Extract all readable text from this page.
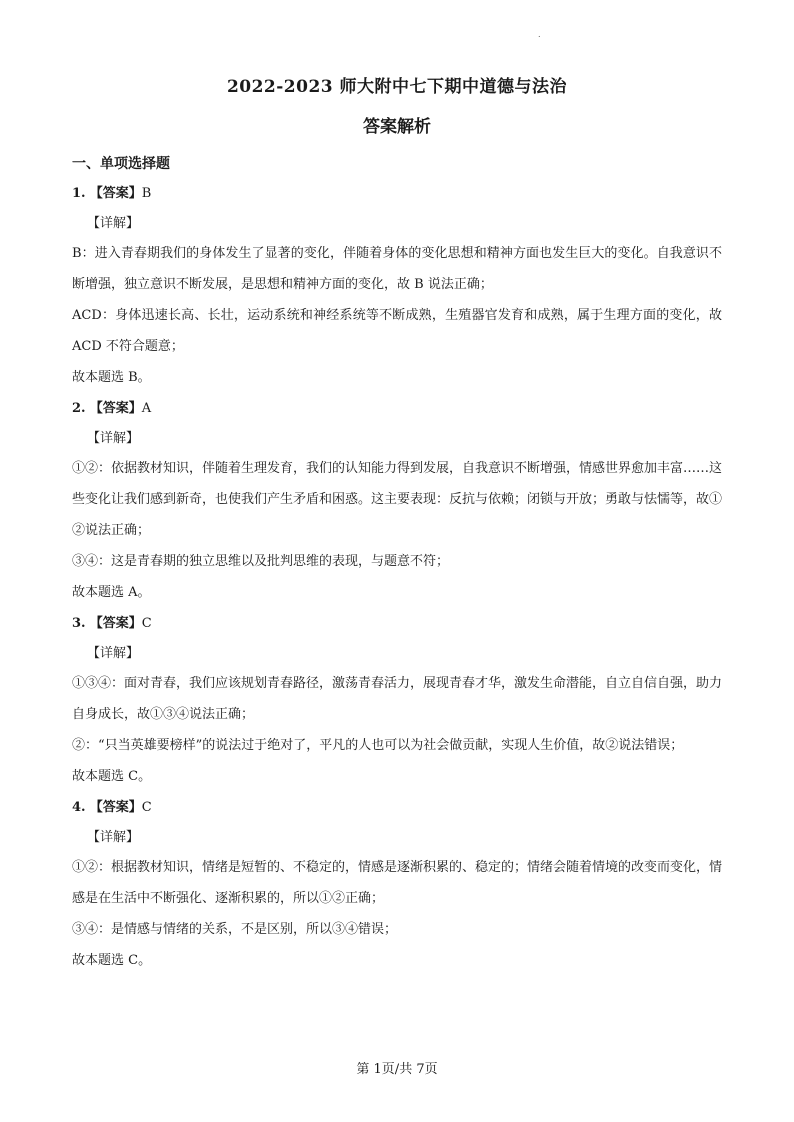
.
2022-2023 师大附中七下期中道德与法治
答案解析
一、单项选择题
1. 【答案】B
【详解】

B：进入青春期我们的身体发生了显著的变化，伴随着身体的变化思想和精神方面也发生巨大的变化。自我意识不断增强，独立意识不断发展，是思想和精神方面的变化，故 B 说法正确；

ACD：身体迅速长高、长壮，运动系统和神经系统等不断成熟，生殖器官发育和成熟，属于生理方面的变化，故 ACD 不符合题意；

故本题选 B。

2. 【答案】A
【详解】

①②：依据教材知识，伴随着生理发育，我们的认知能力得到发展，自我意识不断增强，情感世界愈加丰富……这些变化让我们感到新奇，也使我们产生矛盾和困惑。这主要表现：反抗与依赖；闭锁与开放；勇敢与怯懦等，故①②说法正确；

③④：这是青春期的独立思维以及批判思维的表现，与题意不符；

故本题选 A。

3. 【答案】C
【详解】

①③④：面对青春，我们应该规划青春路径，激荡青春活力，展现青春才华，激发生命潜能，自立自信自强，助力自身成长，故①③④说法正确；

②：“只当英雄要榜样”的说法过于绝对了，平凡的人也可以为社会做贡献，实现人生价值，故②说法错误；

故本题选 C。

4. 【答案】C
【详解】

①②：根据教材知识，情绪是短暂的、不稳定的，情感是逐渐积累的、稳定的；情绪会随着情境的改变而变化，情感是在生活中不断强化、逐渐积累的，所以①②正确；

③④：是情感与情绪的关系，不是区别，所以③④错误；

故本题选 C。

第 1页/共 7页
